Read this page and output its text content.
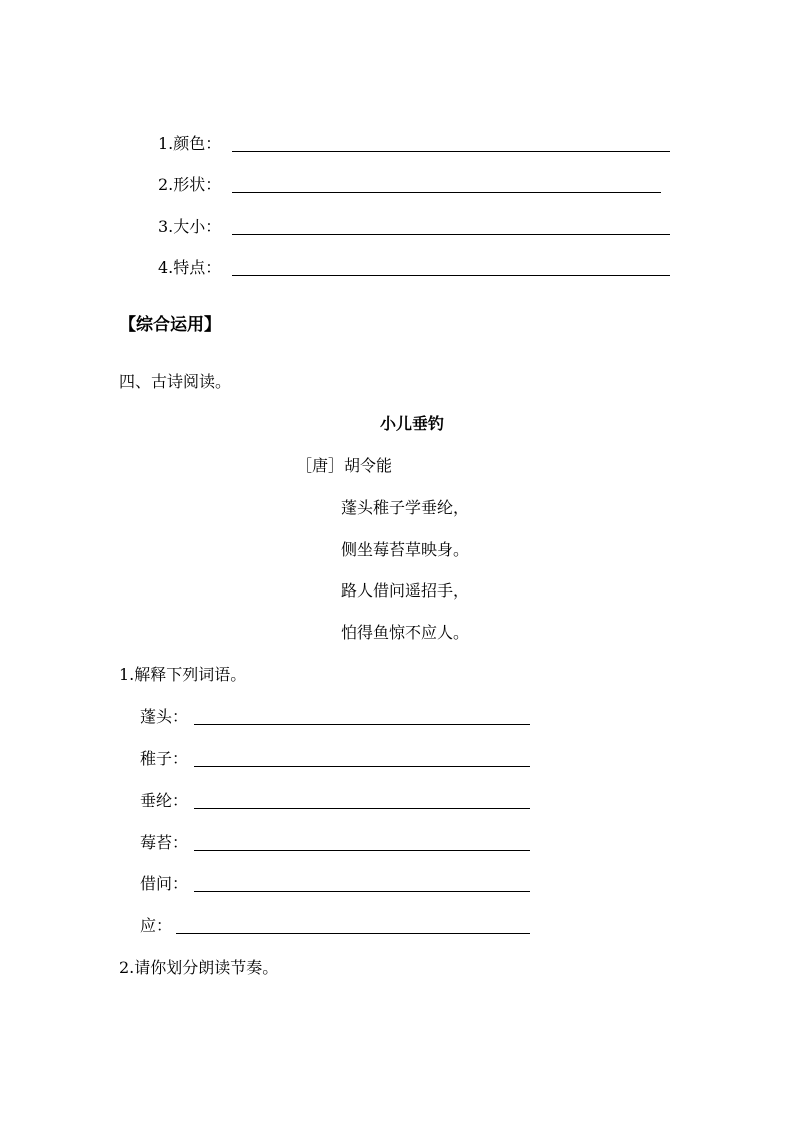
1.颜色：
2.形状：
3.大小：
4.特点：
【综合运用】
四、古诗阅读。
小儿垂钓
［唐］胡令能
蓬头稚子学垂纶，
侧坐莓苔草映身。
路人借问遥招手，
怕得鱼惊不应人。
1.解释下列词语。
蓬头：
稚子：
垂纶：
莓苔：
借问：
应：
2.请你划分朗读节奏。
